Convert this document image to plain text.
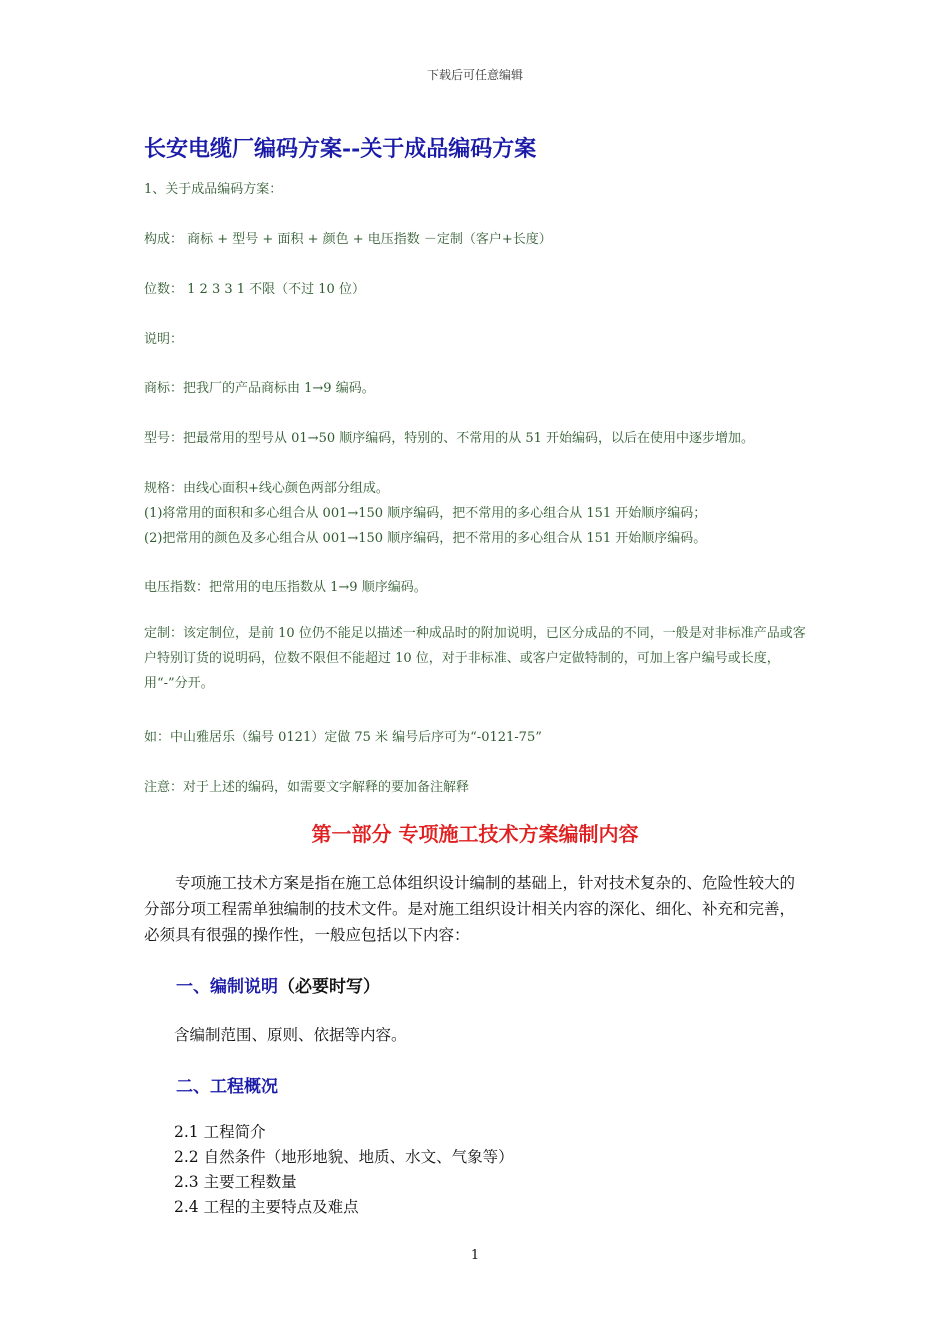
下载后可任意编辑
长安电缆厂编码方案--关于成品编码方案
1、关于成品编码方案：
构成： 商标 + 型号 + 面积 + 颜色 + 电压指数 －定制（客户+长度）
位数： 1 2 3 3 1 不限（不过 10 位）
说明：
商标：把我厂的产品商标由 1→9 编码。
型号：把最常用的型号从 01→50 顺序编码，特别的、不常用的从 51 开始编码，以后在使用中逐步增加。
规格：由线心面积+线心颜色两部分组成。
(1)将常用的面积和多心组合从 001→150 顺序编码，把不常用的多心组合从 151 开始顺序编码；
(2)把常用的颜色及多心组合从 001→150 顺序编码，把不常用的多心组合从 151 开始顺序编码。
电压指数：把常用的电压指数从 1→9 顺序编码。
定制：该定制位，是前 10 位仍不能足以描述一种成品时的附加说明，已区分成品的不同，一般是对非标准产品或客户特别订货的说明码，位数不限但不能超过 10 位，对于非标准、或客户定做特制的，可加上客户编号或长度，用“-”分开。
如：中山雅居乐（编号 0121）定做 75 米 编号后序可为“-0121-75”
注意：对于上述的编码，如需要文字解释的要加备注解释
第一部分 专项施工技术方案编制内容
专项施工技术方案是指在施工总体组织设计编制的基础上，针对技术复杂的、危险性较大的分部分项工程需单独编制的技术文件。是对施工组织设计相关内容的深化、细化、补充和完善，必须具有很强的操作性，一般应包括以下内容：
一、编制说明（必要时写）
含编制范围、原则、依据等内容。
二、工程概况
2.1 工程简介
2.2 自然条件（地形地貌、地质、水文、气象等）
2.3 主要工程数量
2.4 工程的主要特点及难点
1
